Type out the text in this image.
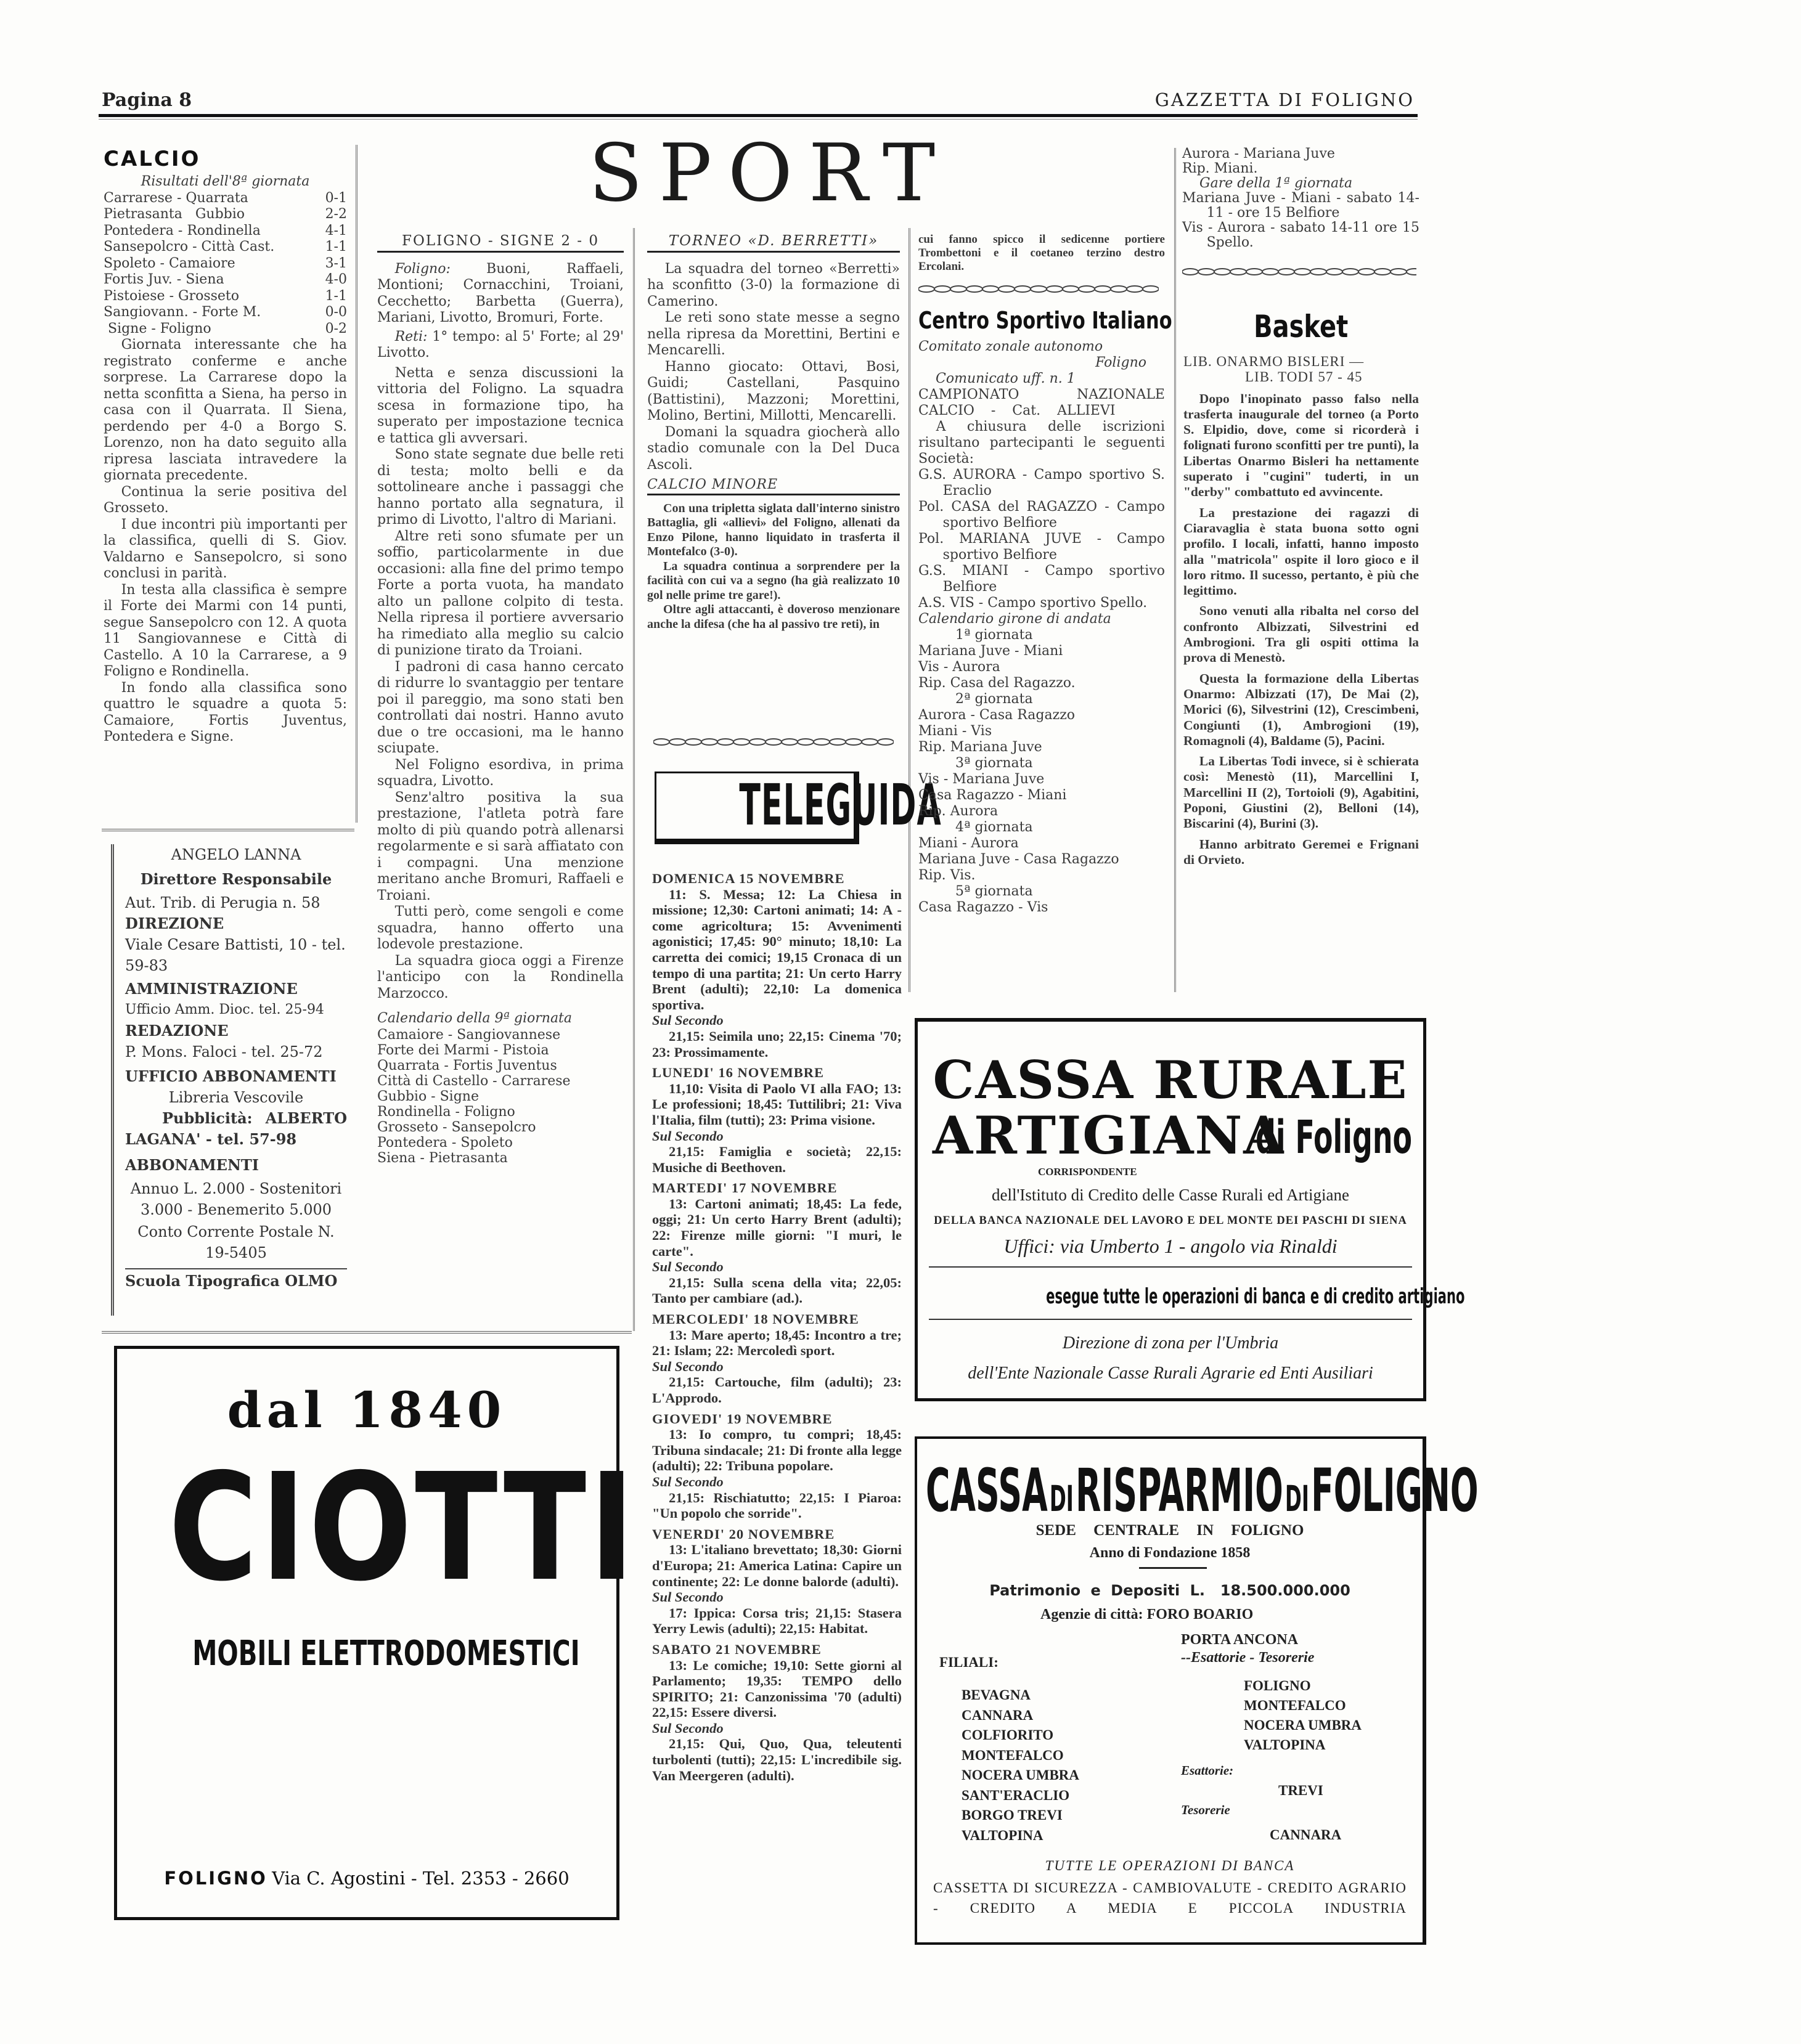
Pagina 8	GAZZETTA DI FOLIGNO
SPORT
CALCIO
Risultati dell'8ª giornata
Carrarese - Quarrata	0-1
Pietrasanta   Gubbio	2-2
Pontedera - Rondinella	4-1
Sansepolcro - Città Cast.	1-1
Spoleto - Camaiore	3-1
Fortis Juv. - Siena	4-0
Pistoiese - Grosseto	1-1
Sangiovann. - Forte M.	0-0
Signe - Foligno	0-2

Giornata interessante che ha registrato conferme e anche sorprese. La Carrarese dopo la netta sconfitta a Siena, ha perso in casa con il Quarrata. Il Siena, perdendo per 4-0 a Borgo S. Lorenzo, non ha dato seguito alla ripresa lasciata intravedere la giornata precedente.

Continua la serie positiva del Grosseto.

I due incontri più importanti per la classifica, quelli di S. Giov. Valdarno e Sansepolcro, si sono conclusi in parità.

In testa alla classifica è sempre il Forte dei Marmi con 14 punti, segue Sansepolcro con 12. A quota 11 Sangiovannese e Città di Castello. A 10 la Carrarese, a 9 Foligno e Rondinella.

In fondo alla classifica sono quattro le squadre a quota 5: Camaiore, Fortis Juventus, Pontedera e Signe.

ANGELO LANNA
Direttore Responsabile
Aut. Trib. di Perugia n. 58
DIREZIONE
Viale Cesare Battisti, 10 - tel. 59-83
AMMINISTRAZIONE
Ufficio Amm. Dioc. tel. 25-94
REDAZIONE
P. Mons. Faloci - tel. 25-72
UFFICIO ABBONAMENTI
Libreria Vescovile
Pubblicità: ALBERTO LAGANA' - tel. 57-98
ABBONAMENTI
Annuo L. 2.000 - Sostenitori 3.000 - Benemerito 5.000
Conto Corrente Postale N. 19-5405
Scuola Tipografica OLMO
FOLIGNO - SIGNE 2 - 0

Foligno:	Buoni, Raffaeli, Montioni; Cornacchini, Troiani, Cecchetto; Barbetta (Guerra), Mariani, Livotto, Bromuri, Forte.

Reti: 1° tempo: al 5' Forte; al 29' Livotto.

Netta e senza discussioni la vittoria del Foligno. La squadra scesa in formazione tipo, ha superato per impostazione tecnica e tattica gli avversari.

Sono state segnate due belle reti di testa; molto belli e da sottolineare anche i passaggi che hanno portato alla segnatura, il primo di Livotto, l'altro di Mariani.

Altre reti sono sfumate per un soffio, particolarmente in due occasioni: alla fine del primo tempo Forte a porta vuota, ha mandato alto un pallone colpito di testa. Nella ripresa il portiere avversario ha rimediato alla meglio su calcio di punizione tirato da Troiani.

I padroni di casa hanno cercato di ridurre lo svantaggio per tentare poi il pareggio, ma sono stati ben controllati dai nostri. Hanno avuto due o tre occasioni, ma le hanno sciupate.

Nel Foligno esordiva, in prima squadra, Livotto.

Senz'altro positiva la sua prestazione, l'atleta potrà fare molto di più quando potrà allenarsi regolarmente e si sarà affiatato con i compagni. Una menzione meritano anche Bromuri, Raffaeli e Troiani.

Tutti però, come sengoli e come squadra, hanno offerto una lodevole prestazione.

La squadra gioca oggi a Firenze l'anticipo con la Rondinella Marzocco.

Calendario della 9ª giornata
Camaiore - Sangiovannese
Forte dei Marmi - Pistoia
Quarrata - Fortis Juventus
Città di Castello - Carrarese
Gubbio - Signe
Rondinella - Foligno
Grosseto - Sansepolcro
Pontedera - Spoleto
Siena - Pietrasanta
TORNEO «D. BERRETTI»

La squadra del torneo «Berretti» ha sconfitto (3-0) la formazione di Camerino.

Le reti sono state messe a segno nella ripresa da Morettini, Bertini e Mencarelli.

Hanno giocato: Ottavi, Bosi, Guidi; Castellani, Pasquino (Battistini), Mazzoni; Morettini, Molino, Bertini, Millotti, Mencarelli.

Domani la squadra giocherà allo stadio comunale con la Del Duca Ascoli.

CALCIO MINORE

Con una tripletta siglata dall'interno sinistro Battaglia, gli «allievi» del Foligno, allenati da Enzo Pilone, hanno liquidato in trasferta il Montefalco (3-0).

La squadra continua a sorprendere per la facilità con cui va a segno (ha già realizzato 10 gol nelle prime tre gare!).

Oltre agli attaccanti, è doveroso menzionare anche la difesa (che ha al passivo tre reti), in

TELEGUIDA
DOMENICA 15 NOVEMBRE
11: S. Messa; 12: La Chiesa in missione; 12,30: Cartoni animati; 14: A - come agricoltura; 15: Avvenimenti agonistici; 17,45: 90° minuto; 18,10: La carretta dei comici; 19,15 Cronaca di un tempo di una partita; 21: Un certo Harry Brent (adulti); 22,10: La domenica sportiva.
Sul Secondo
21,15: Seimila uno; 22,15: Cinema '70; 23: Prossimamente.
LUNEDI' 16 NOVEMBRE
11,10: Visita di Paolo VI alla FAO; 13: Le professioni; 18,45: Tuttilibri; 21: Viva l'Italia, film (tutti); 23: Prima visione.
Sul Secondo
21,15: Famiglia e società; 22,15: Musiche di Beethoven.
MARTEDI' 17 NOVEMBRE
13: Cartoni animati; 18,45: La fede, oggi; 21: Un certo Harry Brent (adulti); 22: Firenze mille giorni: "I muri, le carte".
Sul Secondo
21,15: Sulla scena della vita; 22,05: Tanto per cambiare (ad.).
MERCOLEDI' 18 NOVEMBRE
13: Mare aperto; 18,45: Incontro a tre; 21: Islam; 22: Mercoledì sport.
Sul Secondo
21,15: Cartouche, film (adulti); 23: L'Approdo.
GIOVEDI' 19 NOVEMBRE
13: Io compro, tu compri; 18,45: Tribuna sindacale; 21: Di fronte alla legge (adulti); 22: Tribuna popolare.
Sul Secondo
21,15: Rischiatutto; 22,15: I Piaroa: "Un popolo che sorride".
VENERDI' 20 NOVEMBRE
13: L'italiano brevettato; 18,30: Giorni d'Europa; 21: America Latina: Capire un continente; 22: Le donne balorde (adulti).
Sul Secondo
17: Ippica: Corsa tris; 21,15: Stasera Yerry Lewis (adulti); 22,15: Habitat.
SABATO 21 NOVEMBRE
13: Le comiche; 19,10: Sette giorni al Parlamento; 19,35: TEMPO dello SPIRITO; 21: Canzonissima '70 (adulti) 22,15: Essere diversi.
Sul Secondo
21,15: Qui, Quo, Qua, teleutenti turbolenti (tutti); 22,15: L'incredibile sig. Van Meergeren (adulti).

cui fanno spicco il sedicenne portiere Trombettoni e il coetaneo terzino destro Ercolani.

Centro Sportivo Italiano
Comitato zonale autonomo
Foligno
Comunicato uff. n. 1

CAMPIONATO NAZIONALE CALCIO - Cat. ALLIEVI

A chiusura delle iscrizioni risultano partecipanti le seguenti Società:

G.S. AURORA - Campo sportivo S. Eraclio

Pol. CASA del RAGAZZO - Campo sportivo Belfiore

Pol. MARIANA JUVE - Campo sportivo Belfiore

G.S. MIANI - Campo sportivo Belfiore

A.S. VIS - Campo sportivo Spello.

Calendario girone di andata
1ª giornata
Mariana Juve - Miani
Vis - Aurora
Rip. Casa del Ragazzo.
2ª giornata
Aurora - Casa Ragazzo
Miani - Vis
Rip. Mariana Juve
3ª giornata
Vis - Mariana Juve
Casa Ragazzo - Miani
Rip. Aurora
4ª giornata
Miani - Aurora
Mariana Juve - Casa Ragazzo
Rip. Vis.
5ª giornata
Casa Ragazzo - Vis
Aurora - Mariana Juve
Rip. Miani.
Gare della 1ª giornata

Mariana Juve - Miani - sabato 14-11 - ore 15 Belfiore

Vis - Aurora - sabato 14-11 ore 15 Spello.

Basket
LIB. ONARMO BISLERI —
LIB. TODI 57 - 45

Dopo l'inopinato passo falso nella trasferta inaugurale del torneo (a Porto S. Elpidio, dove, come si ricorderà i folignati furono sconfitti per tre punti), la Libertas Onarmo Bisleri ha nettamente superato i "cugini" tuderti, in un "derby" combattuto ed avvincente.

La prestazione dei ragazzi di Ciaravaglia è stata buona sotto ogni profilo. I locali, infatti, hanno imposto alla "matricola" ospite il loro gioco e il loro ritmo. Il sucesso, pertanto, è più che legittimo.

Sono venuti alla ribalta nel corso del confronto Albizzati, Silvestrini ed Ambrogioni. Tra gli ospiti ottima la prova di Menestò.

Questa la formazione della Libertas Onarmo: Albizzati (17), De Mai (2), Morici (6), Silvestrini (12), Crescimbeni, Congiunti (1), Ambrogioni (19), Romagnoli (4), Baldame (5), Pacini.

La Libertas Todi invece, si è schierata così: Menestò (11), Marcellini I, Marcellini II (2), Tortoioli (9), Agabitini, Poponi, Giustini (2), Belloni (14), Biscarini (4), Burini (3).

Hanno arbitrato Geremei e Frignani di Orvieto.

dal 1840
CIOTTI
MOBILI ELETTRODOMESTICI
FOLIGNO Via C. Agostini - Tel. 2353 - 2660
CASSA RURALE
ARTIGIANA
di Foligno
CORRISPONDENTE
dell'Istituto di Credito delle Casse Rurali ed Artigiane
DELLA BANCA NAZIONALE DEL LAVORO E DEL MONTE DEI PASCHI DI SIENA
Uffici: via Umberto 1 - angolo via Rinaldi
esegue tutte le operazioni di banca e di credito artigiano
Direzione di zona per l'Umbria
dell'Ente Nazionale Casse Rurali Agrarie ed Enti Ausiliari
CASSA DI RISPARMIO DI FOLIGNO
SEDE CENTRALE IN FOLIGNO
Anno di Fondazione 1858
Patrimonio e Depositi L. 18.500.000.000
Agenzie di città: FORO BOARIO
PORTA ANCONA
--Esattorie - Tesorerie
FILIALI:
BEVAGNA
CANNARA
COLFIORITO
MONTEFALCO
NOCERA UMBRA
SANT'ERACLIO
BORGO TREVI
VALTOPINA
FOLIGNO
MONTEFALCO
NOCERA UMBRA
VALTOPINA
Esattorie:
TREVI
Tesorerie
CANNARA
TUTTE LE OPERAZIONI DI BANCA
CASSETTA DI SICUREZZA - CAMBIOVALUTE - CREDITO AGRARIO - CREDITO A MEDIA E PICCOLA INDUSTRIA
